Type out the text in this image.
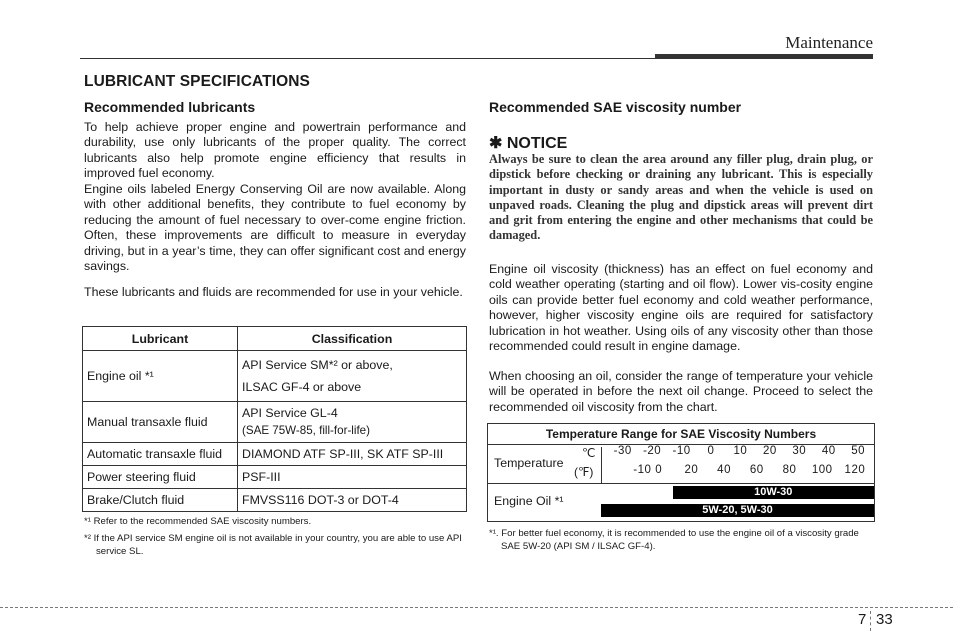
Maintenance
LUBRICANT SPECIFICATIONS
Recommended lubricants
To help achieve proper engine and powertrain performance and durability, use only lubricants of the proper quality. The correct lubricants also help promote engine efficiency that results in improved fuel economy.
Engine oils labeled Energy Conserving Oil are now available. Along with other additional benefits, they contribute to fuel economy by reducing the amount of fuel necessary to over-come engine friction. Often, these improvements are difficult to measure in everyday driving, but in a year’s time, they can offer significant cost and energy savings.
These lubricants and fluids are recommended for use in your vehicle.
Lubricant	Classification
Engine oil *¹	API Service SM*² or above,
ILSAC GF-4 or above

Manual transaxle fluid	API Service GL-4
(SAE 75W-85, fill-for-life)

Automatic transaxle fluid	DIAMOND ATF SP-III, SK ATF SP-III
Power steering fluid	PSF-III
Brake/Clutch fluid	FMVSS116 DOT-3 or DOT-4
*¹ Refer to the recommended SAE viscosity numbers.
*² If the API service SM engine oil is not available in your country, you are able to use API service SL.
Recommended SAE viscosity number
✱ NOTICE
Always be sure to clean the area around any filler plug, drain plug, or dipstick before checking or draining any lubricant. This is especially important in dusty or sandy areas and when the vehicle is used on unpaved roads. Cleaning the plug and dipstick areas will prevent dirt and grit from entering the engine and other mechanisms that could be damaged.
Engine oil viscosity (thickness) has an effect on fuel economy and cold weather operating (starting and oil flow). Lower vis-cosity engine oils can provide better fuel economy and cold weather performance, however, higher viscosity engine oils are required for satisfactory lubrication in hot weather. Using oils of any viscosity other than those recommended could result in engine damage.
When choosing an oil, consider the range of temperature your vehicle will be operated in before the next oil change. Proceed to select the recommended oil viscosity from the chart.
Temperature Range for SAE Viscosity Numbers
Temperature
℃
(℉)
-30 -20 -10 0 10 20 30 40 50
-10 0 20 40 60 80 100 120
Engine Oil *¹
10W-30
5W-20, 5W-30
*¹. For better fuel economy, it is recommended to use the engine oil of a viscosity grade SAE 5W-20 (API SM / ILSAC GF-4).
7 33
